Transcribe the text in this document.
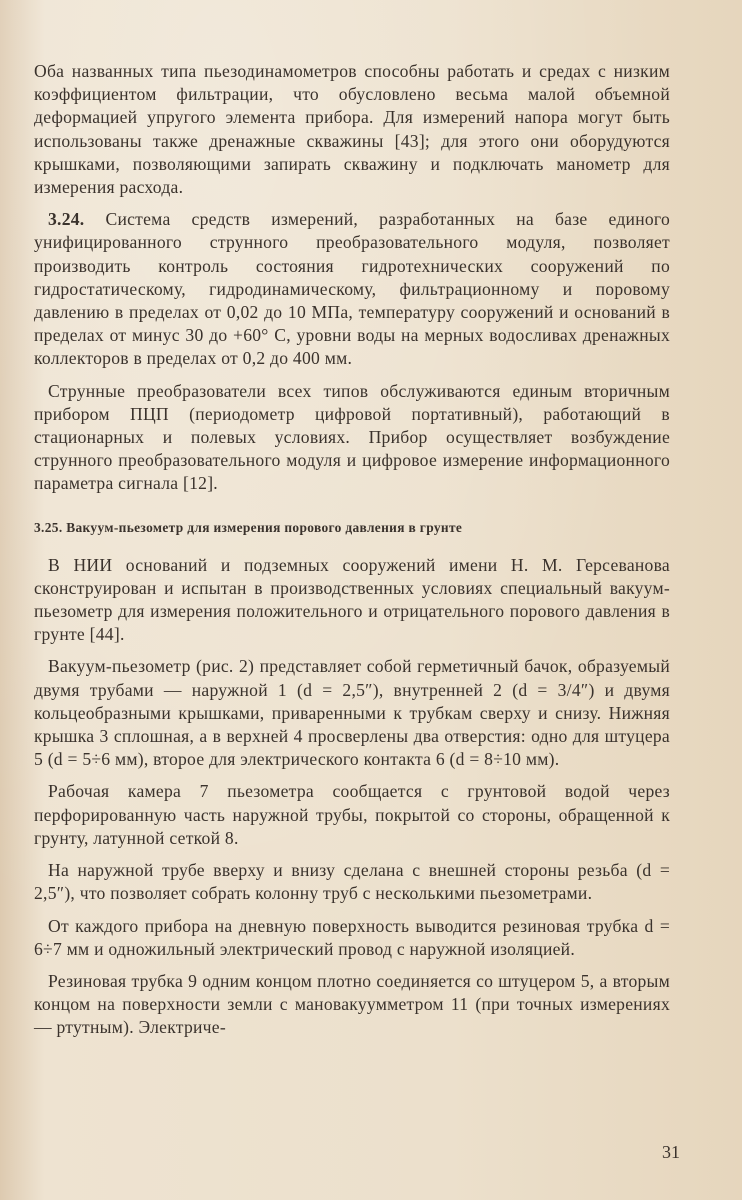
Оба названных типа пьезодинамометров способны работать и средах с низким коэффициентом фильтрации, что обусловлено весьма малой объемной деформацией упругого элемента прибора. Для измерений напора могут быть использованы также дренажные скважины [43]; для этого они оборудуются крышками, позволяющими запирать скважину и подключать манометр для измерения расхода.

3.24. Система средств измерений, разработанных на базе единого унифицированного струнного преобразовательного модуля, позволяет производить контроль состояния гидротехнических сооружений по гидростатическому, гидродинамическому, фильтрационному и поровому давлению в пределах от 0,02 до 10 МПа, температуру сооружений и оснований в пределах от минус 30 до +60° С, уровни воды на мерных водосливах дренажных коллекторов в пределах от 0,2 до 400 мм.

Струнные преобразователи всех типов обслуживаются единым вторичным прибором ПЦП (периодометр цифровой портативный), работающий в стационарных и полевых условиях. Прибор осуществляет возбуждение струнного преобразовательного модуля и цифровое измерение информационного параметра сигнала [12].

3.25. Вакуум-пьезометр для измерения порового давления в грунте

В НИИ оснований и подземных сооружений имени Н. М. Герсеванова сконструирован и испытан в производственных условиях специальный вакуум-пьезометр для измерения положительного и отрицательного порового давления в грунте [44].

Вакуум-пьезометр (рис. 2) представляет собой герметичный бачок, образуемый двумя трубами — наружной 1 (d = 2,5″), внутренней 2 (d = 3/4″) и двумя кольцеобразными крышками, приваренными к трубкам сверху и снизу. Нижняя крышка 3 сплошная, а в верхней 4 просверлены два отверстия: одно для штуцера 5 (d = 5÷6 мм), второе для электрического контакта 6 (d = 8÷10 мм).

Рабочая камера 7 пьезометра сообщается с грунтовой водой через перфорированную часть наружной трубы, покрытой со стороны, обращенной к грунту, латунной сеткой 8.

На наружной трубе вверху и внизу сделана с внешней стороны резьба (d = 2,5″), что позволяет собрать колонну труб с несколькими пьезометрами.

От каждого прибора на дневную поверхность выводится резиновая трубка d = 6÷7 мм и одножильный электрический провод с наружной изоляцией.

Резиновая трубка 9 одним концом плотно соединяется со штуцером 5, а вторым концом на поверхности земли с мановакуумметром 11 (при точных измерениях — ртутным). Электриче-

31
